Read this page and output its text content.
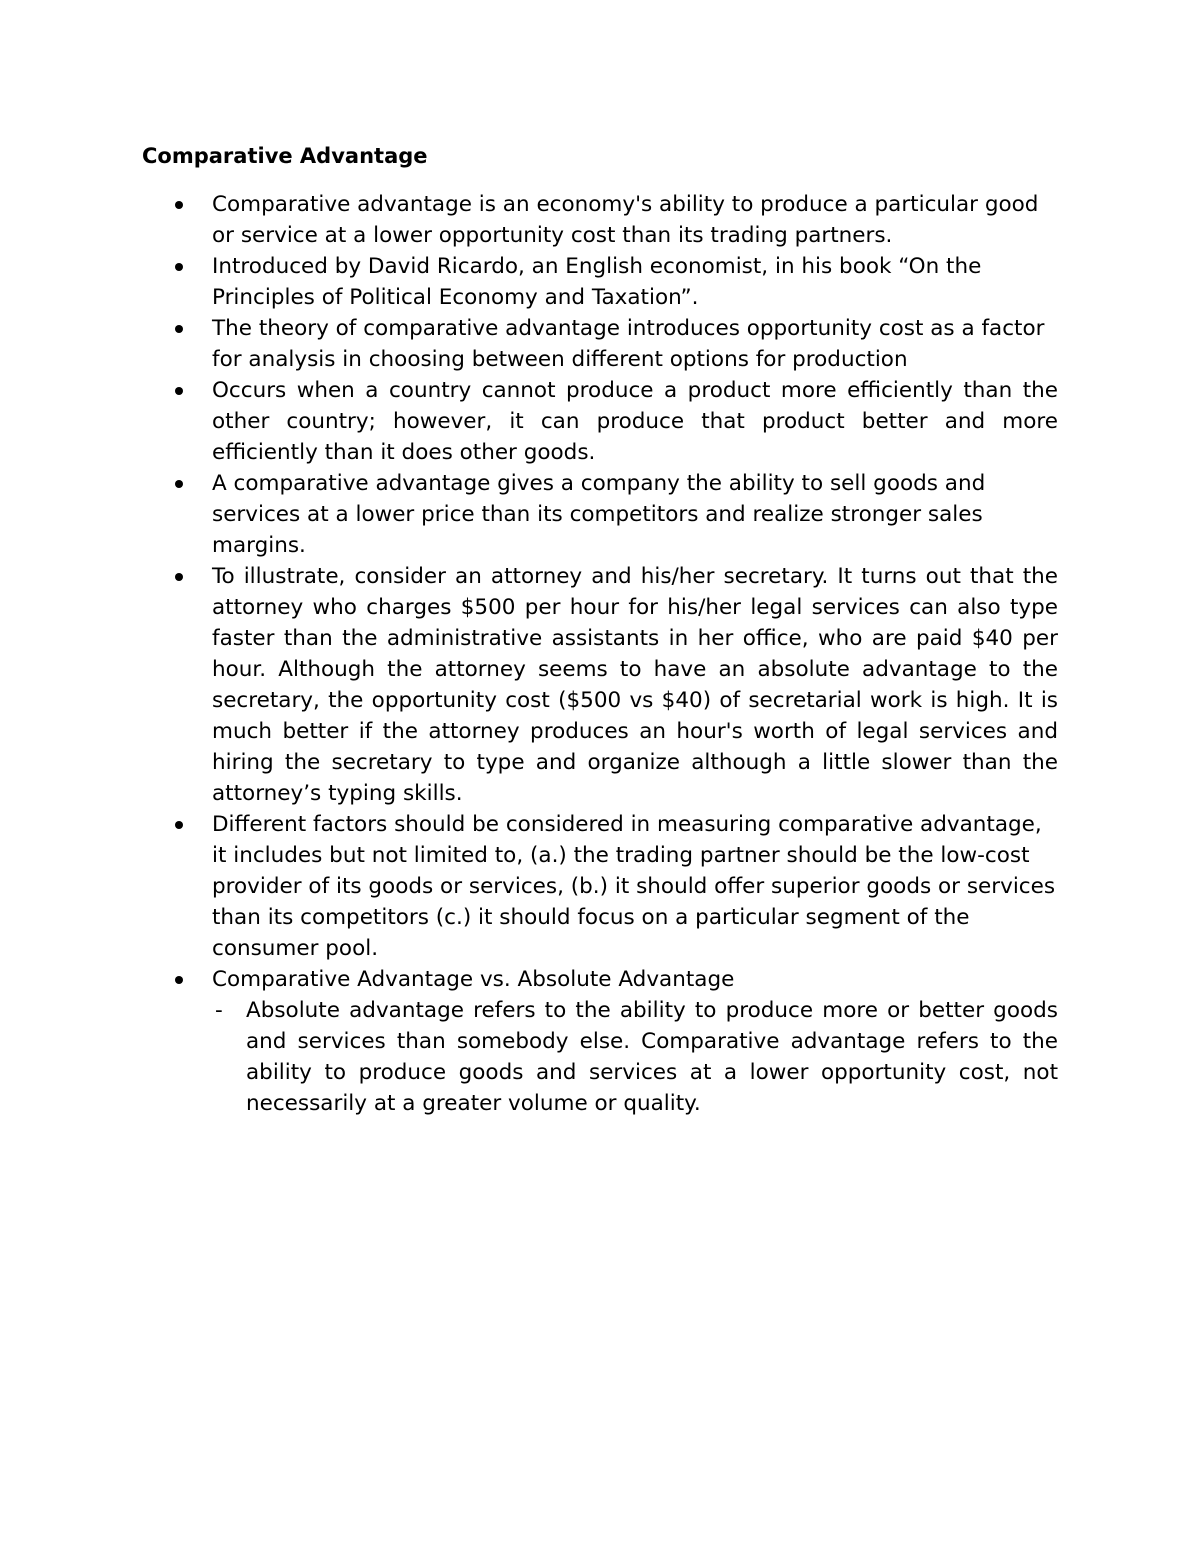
Comparative Advantage
Comparative advantage is an economy's ability to produce a particular good or service at a lower opportunity cost than its trading partners.
Introduced by David Ricardo, an English economist, in his book “On the Principles of Political Economy and Taxation”.
The theory of comparative advantage introduces opportunity cost as a factor for analysis in choosing between different options for production
Occurs when a country cannot produce a product more efficiently than the other country; however, it can produce that product better and more efficiently than it does other goods.
A comparative advantage gives a company the ability to sell goods and services at a lower price than its competitors and realize stronger sales margins.
To illustrate, consider an attorney and his/her secretary. It turns out that the attorney who charges $500 per hour for his/her legal services can also type faster than the administrative assistants in her office, who are paid $40 per hour. Although the attorney seems to have an absolute advantage to the secretary, the opportunity cost ($500 vs $40) of secretarial work is high. It is much better if the attorney produces an hour's worth of legal services and hiring the secretary to type and organize although a little slower than the attorney’s typing skills.
Different factors should be considered in measuring comparative advantage, it includes but not limited to, (a.) the trading partner should be the low-cost provider of its goods or services, (b.) it should offer superior goods or services than its competitors (c.) it should focus on a particular segment of the consumer pool.
Comparative Advantage vs. Absolute Advantage
- Absolute advantage refers to the ability to produce more or better goods and services than somebody else. Comparative advantage refers to the ability to produce goods and services at a lower opportunity cost, not necessarily at a greater volume or quality.
